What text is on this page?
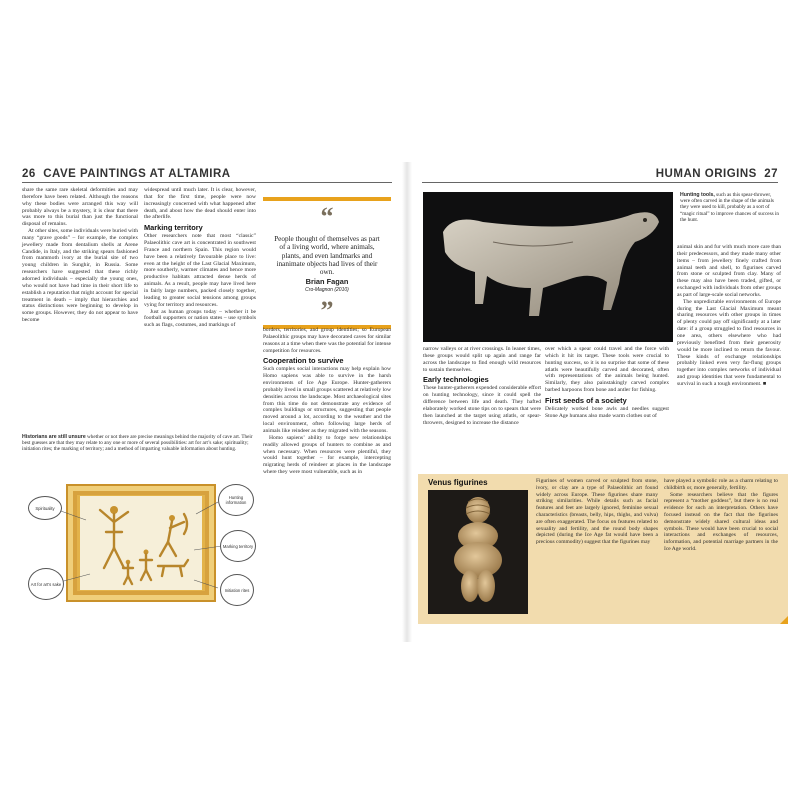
26 CAVE PAINTINGS AT ALTAMIRA

share the same rare skeletal deformities and may therefore have been related. Although the reasons why these bodies were arranged this way will probably always be a mystery, it is clear that there was more to this burial than just the functional disposal of remains.

At other sites, some individuals were buried with many “grave goods” – for example, the complex jewellery made from dentalium shells at Arene Candide, in Italy, and the striking spears fashioned from mammoth ivory at the burial site of two young children in Sunghir, in Russia. Some researchers have suggested that these richly adorned individuals – especially the young ones, who would not have had time in their short life to establish a reputation that might account for special treatment in death – imply that hierarchies and status distinctions were beginning to develop in some groups. However, they do not appear to have become

widespread until much later. It is clear, however, that for the first time, people were now increasingly concerned with what happened after death, and about how the dead should enter into the afterlife.

Marking territory

Other researchers note that most “classic” Palaeolithic cave art is concentrated in southwest France and northern Spain. This region would have been a relatively favourable place to live: even at the height of the Last Glacial Maximum, more southerly, warmer climates and hence more productive habitats attracted dense herds of animals. As a result, people may have lived here in fairly large numbers, packed closely together, leading to greater social tensions among groups vying for territory and resources.

Just as human groups today – whether it be football supporters or nation states – use symbols such as flags, costumes, and markings of

“
People thought of themselves as part of a living world, where animals, plants, and even landmarks and inanimate objects had lives of their own.
Brian Fagan
Cro-Magnon (2010)
”

borders, territories, and group identities; so European Palaeolithic groups may have decorated caves for similar reasons at a time when there was the potential for intense competition for resources.

Cooperation to survive

Such complex social interactions may help explain how Homo sapiens was able to survive in the harsh environments of Ice Age Europe. Hunter-gatherers probably lived in small groups scattered at relatively low densities across the landscape. Most archaeological sites from this time do not demonstrate any evidence of complex buildings or structures, suggesting that people moved around a lot, according to the weather and the local environment, often following large herds of animals like reindeer as they migrated with the seasons.

Homo sapiens’ ability to forge new relationships readily allowed groups of hunters to combine as and when necessary. When resources were plentiful, they would hunt together – for example, intercepting migrating herds of reindeer at places in the landscape where they were most vulnerable, such as in

Historians are still unsure whether or not there are precise meanings behind the majority of cave art. Their best guesses are that they may relate to any one or more of several possibilities: art for art’s sake; spirituality; initiation rites; the marking of territory; and a method of imparting valuable information about hunting.
Spirituality
Hunting information
Marking territory
Art for art’s sake
Initiation rites
HUMAN ORIGINS 27
Hunting tools, such as this spear-thrower, were often carved in the shape of the animals they were used to kill, probably as a sort of “magic ritual” to improve chances of success in the hunt.

narrow valleys or at river crossings. In leaner times, these groups would split up again and range far across the landscape to find enough wild resources to sustain themselves.

Early technologies

These hunter-gatherers expended considerable effort on hunting technology, since it could spell the difference between life and death. They hafted elaborately worked stone tips on to spears that were then launched at the target using atlatls, or spear-throwers, designed to increase the distance

over which a spear could travel and the force with which it hit its target. These tools were crucial to hunting success, so it is no surprise that some of these atlatls were beautifully carved and decorated, often with representations of the animals being hunted. Similarly, they also painstakingly carved complex barbed harpoons from bone and antler for fishing.

First seeds of a society

Delicately worked bone awls and needles suggest Stone Age humans also made warm clothes out of

animal skin and fur with much more care than their predecessors, and they made many other items – from jewellery finely crafted from animal teeth and shell, to figurines carved from stone or sculpted from clay. Many of these may also have been traded, gifted, or exchanged with individuals from other groups as part of large-scale social networks.

The unpredictable environments of Europe during the Last Glacial Maximum meant sharing resources with other groups in times of plenty could pay off significantly at a later date: if a group struggled to find resources in one area, others elsewhere who had previously benefited from their generosity would be more inclined to return the favour. These kinds of exchange relationships probably linked even very far-flung groups together into complex networks of individual and group identities that were fundamental to survival in such a tough environment. ■

Venus figurines	Figurines of women carved or sculpted from stone, ivory, or clay are a type of Palaeolithic art found widely across Europe. These figurines share many striking similarities. While details such as facial features and feet are largely ignored, feminine sexual characteristics (breasts, belly, hips, thighs, and vulva) are often exaggerated. The focus on features related to sexuality and fertility, and the round body shapes depicted (during the Ice Age fat would have been a precious commodity) suggest that the figurines may

have played a symbolic role as a charm relating to childbirth or, more generally, fertility.

Some researchers believe that the figures represent a “mother goddess”, but there is no real evidence for such an interpretation. Others have focused instead on the fact that the figurines demonstrate widely shared cultural ideas and symbols. These would have been crucial to social interactions and exchanges of resources, information, and potential marriage partners in the Ice Age world.
